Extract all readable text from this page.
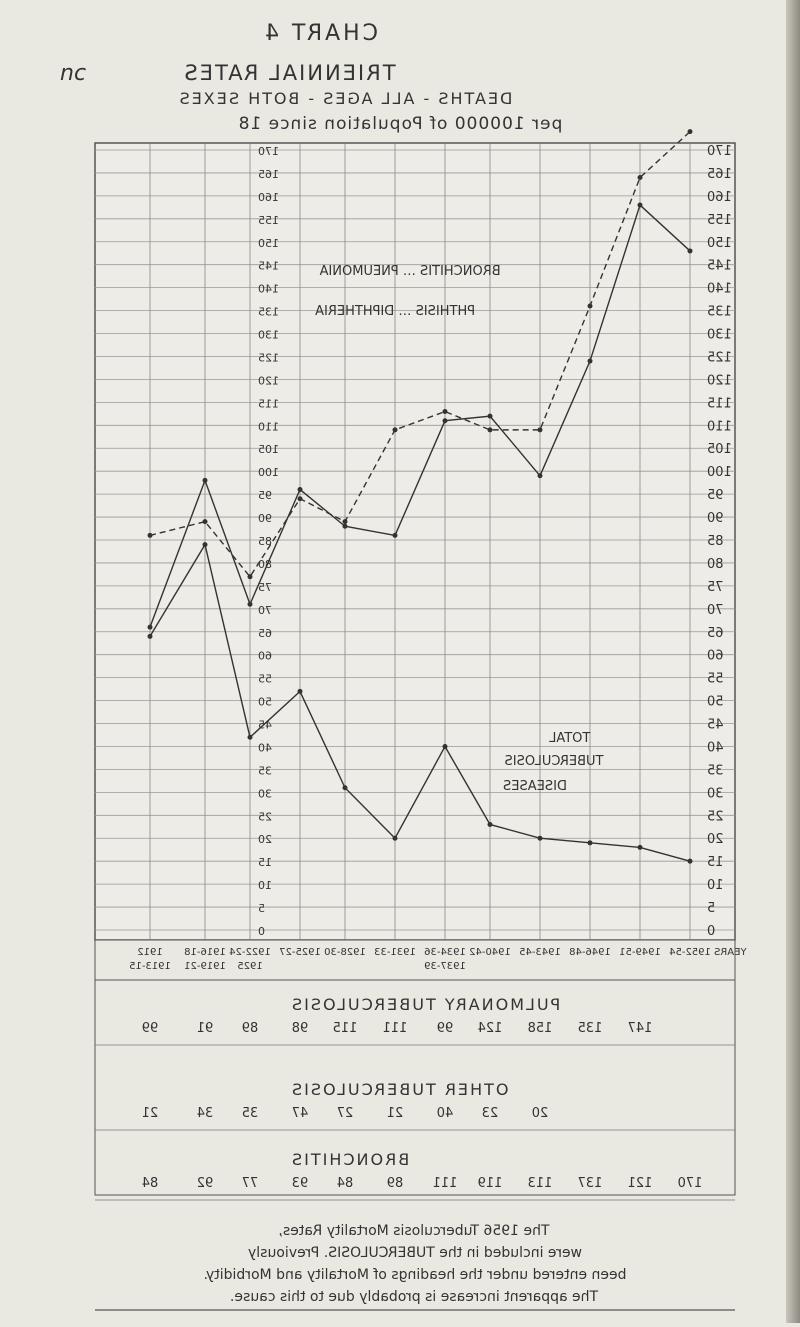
CHART 4
TRIENNIAL RATES
DEATHS - ALL AGES - BOTH SEXES
per 100000 of Population since 18
nc
0
5
10
15
20
25
30
35
40
45
50
55
60
65
70
75
80
85
90
95
100
105
110
115
120
125
130
135
140
145
150
155
160
165
170
0
5
10
15
20
25
30
35
40
45
50
55
60
65
70
75
80
85
90
95
100
105
110
115
120
125
130
135
140
145
150
155
160
165
170
BRONCHITIS … PNEUMONIA
PHTHISIS … DIPHTHERIA
TOTAL
TUBERCULOSIS
DISEASES
1912
1913-15
1916-18
1919-21
1922-24
1925
1925-27 1928-30 1931-33 1934-36
1937-39
1940-42 1943-45 1946-48 1949-51 1952-54 YEARS
PULMONARY TUBERCULOSIS
99	91 89	98 115 111 99 124 158 135 147
OTHER TUBERCULOSIS
21	34 35	47 27	21	40 23	20
BRONCHITIS
84	92 77	93 84	89 111 119 113 137 121 170
The 1956 Tuberculosis Mortality Rates,
were included in the TUBERCULOSIS. Previously
been entered under the headings of Mortality and Morbidity.
The apparent increase is probably due to this cause.
